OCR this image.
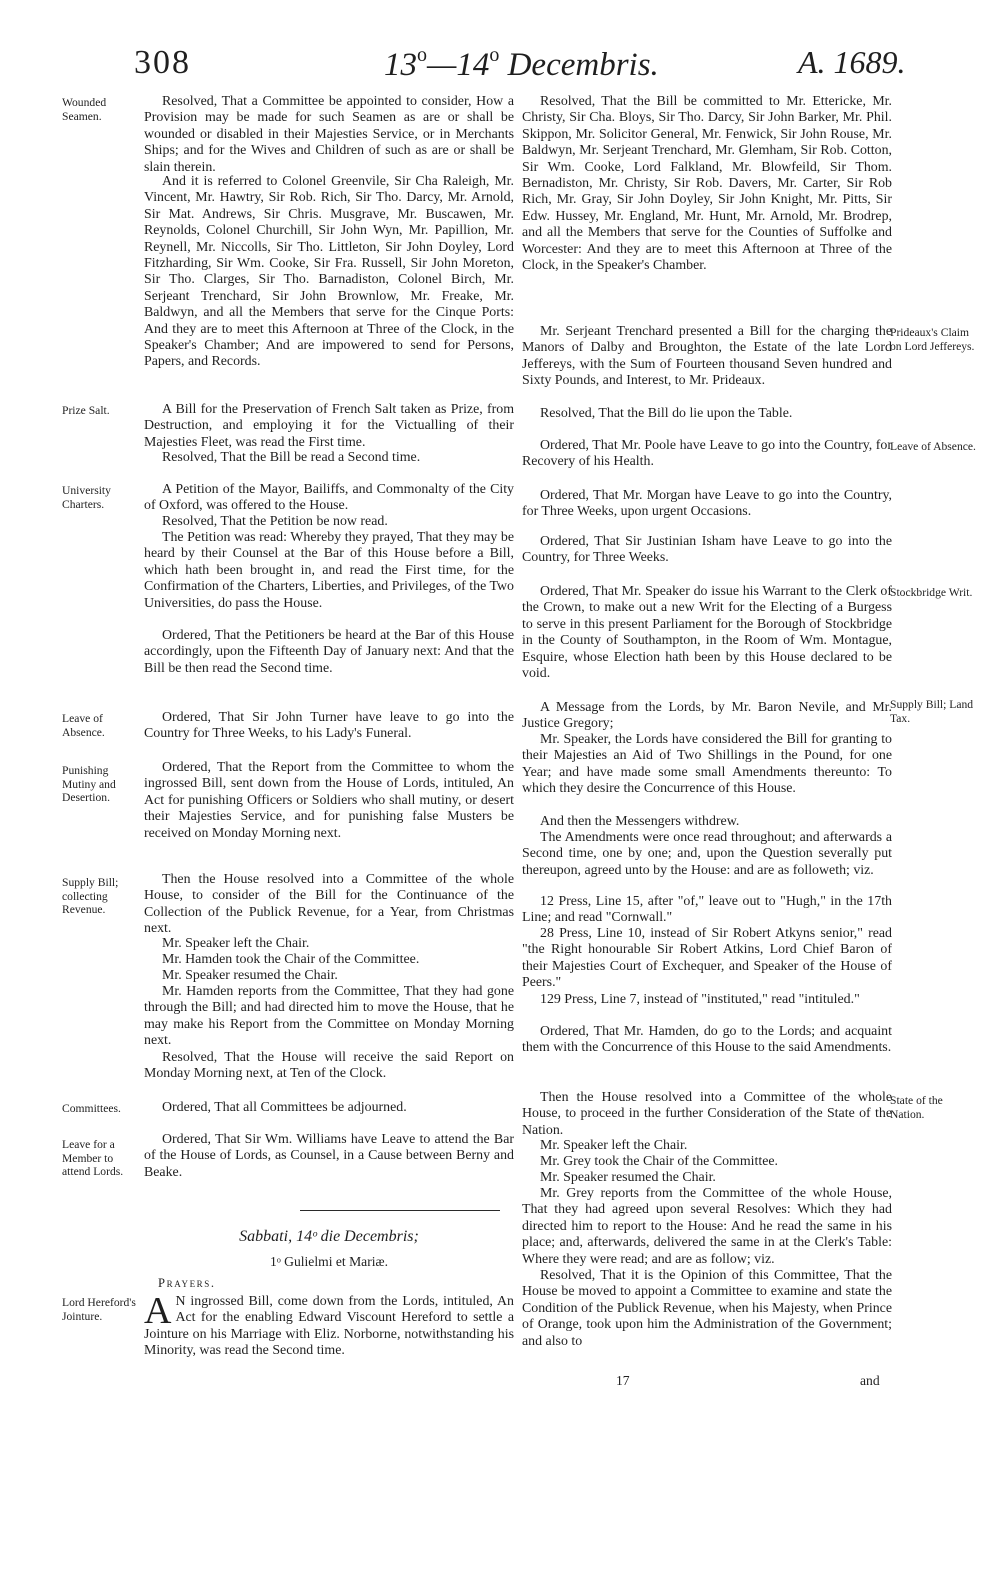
308	13$^o$—14$^o$ Decembris.	A. 1689.
Wounded Seamen.
Prize Salt.
University Charters.
Leave of Absence.
Punishing Mutiny and Desertion.
Supply Bill; collecting Revenue.
Committees.
Leave for a Member to attend Lords.
Lord Hereford's Jointure.
Prideaux's Claim on Lord Jeffereys.
Leave of Absence.
Stockbridge Writ.
Supply Bill; Land Tax.
State of the Nation.

Resolved, That a Committee be appointed to consider, How a Provision may be made for such Seamen as are or shall be wounded or disabled in their Majesties Service, or in Merchants Ships; and for the Wives and Children of such as are or shall be slain therein.

And it is referred to Colonel Greenvile, Sir Cha Raleigh, Mr. Vincent, Mr. Hawtry, Sir Rob. Rich, Sir Tho. Darcy, Mr. Arnold, Sir Mat. Andrews, Sir Chris. Musgrave, Mr. Buscawen, Mr. Reynolds, Colonel Churchill, Sir John Wyn, Mr. Papillion, Mr. Reynell, Mr. Niccolls, Sir Tho. Littleton, Sir John Doyley, Lord Fitzharding, Sir Wm. Cooke, Sir Fra. Russell, Sir John Moreton, Sir Tho. Clarges, Sir Tho. Barnadiston, Colonel Birch, Mr. Serjeant Trenchard, Sir John Brownlow, Mr. Freake, Mr. Baldwyn, and all the Members that serve for the Cinque Ports: And they are to meet this Afternoon at Three of the Clock, in the Speaker's Chamber; And are impowered to send for Persons, Papers, and Records.

A Bill for the Preservation of French Salt taken as Prize, from Destruction, and employing it for the Victualling of their Majesties Fleet, was read the First time.

Resolved, That the Bill be read a Second time.

A Petition of the Mayor, Bailiffs, and Commonalty of the City of Oxford, was offered to the House.

Resolved, That the Petition be now read.

The Petition was read: Whereby they prayed, That they may be heard by their Counsel at the Bar of this House before a Bill, which hath been brought in, and read the First time, for the Confirmation of the Charters, Liberties, and Privileges, of the Two Universities, do pass the House.

Ordered, That the Petitioners be heard at the Bar of this House accordingly, upon the Fifteenth Day of January next: And that the Bill be then read the Second time.

Ordered, That Sir John Turner have leave to go into the Country for Three Weeks, to his Lady's Funeral.

Ordered, That the Report from the Committee to whom the ingrossed Bill, sent down from the House of Lords, intituled, An Act for punishing Officers or Soldiers who shall mutiny, or desert their Majesties Service, and for punishing false Musters be received on Monday Morning next.

Then the House resolved into a Committee of the whole House, to consider of the Bill for the Continuance of the Collection of the Publick Revenue, for a Year, from Christmas next.

Mr. Speaker left the Chair.

Mr. Hamden took the Chair of the Committee.

Mr. Speaker resumed the Chair.

Mr. Hamden reports from the Committee, That they had gone through the Bill; and had directed him to move the House, that he may make his Report from the Committee on Monday Morning next.

Resolved, That the House will receive the said Report on Monday Morning next, at Ten of the Clock.

Ordered, That all Committees be adjourned.

Ordered, That Sir Wm. Williams have Leave to attend the Bar of the House of Lords, as Counsel, in a Cause between Berny and Beake.

Sabbati, 14ᵒ die Decembris;
1ᵒ Gulielmi et Mariæ.
Prayers.

A N ingrossed Bill, come down from the Lords, intituled, An Act for the enabling Edward Viscount Hereford to settle a Jointure on his Marriage with Eliz. Norborne, notwithstanding his Minority, was read the Second time.

Resolved, That the Bill be committed to Mr. Ettericke, Mr. Christy, Sir Cha. Bloys, Sir Tho. Darcy, Sir John Barker, Mr. Phil. Skippon, Mr. Solicitor General, Mr. Fenwick, Sir John Rouse, Mr. Baldwyn, Mr. Serjeant Trenchard, Mr. Glemham, Sir Rob. Cotton, Sir Wm. Cooke, Lord Falkland, Mr. Blowfeild, Sir Thom. Bernadiston, Mr. Christy, Sir Rob. Davers, Mr. Carter, Sir Rob Rich, Mr. Gray, Sir John Doyley, Sir John Knight, Mr. Pitts, Sir Edw. Hussey, Mr. England, Mr. Hunt, Mr. Arnold, Mr. Brodrep, and all the Members that serve for the Counties of Suffolke and Worcester: And they are to meet this Afternoon at Three of the Clock, in the Speaker's Chamber.

Mr. Serjeant Trenchard presented a Bill for the charging the Manors of Dalby and Broughton, the Estate of the late Lord Jeffereys, with the Sum of Fourteen thousand Seven hundred and Sixty Pounds, and Interest, to Mr. Prideaux.

Resolved, That the Bill do lie upon the Table.

Ordered, That Mr. Poole have Leave to go into the Country, for Recovery of his Health.

Ordered, That Mr. Morgan have Leave to go into the Country, for Three Weeks, upon urgent Occasions.

Ordered, That Sir Justinian Isham have Leave to go into the Country, for Three Weeks.

Ordered, That Mr. Speaker do issue his Warrant to the Clerk of the Crown, to make out a new Writ for the Electing of a Burgess to serve in this present Parliament for the Borough of Stockbridge in the County of Southampton, in the Room of Wm. Montague, Esquire, whose Election hath been by this House declared to be void.

A Message from the Lords, by Mr. Baron Nevile, and Mr. Justice Gregory;

Mr. Speaker, the Lords have considered the Bill for granting to their Majesties an Aid of Two Shillings in the Pound, for one Year; and have made some small Amendments thereunto: To which they desire the Concurrence of this House.

And then the Messengers withdrew.

The Amendments were once read throughout; and afterwards a Second time, one by one; and, upon the Question severally put thereupon, agreed unto by the House: and are as followeth; viz.

12 Press, Line 15, after "of," leave out to "Hugh," in the 17th Line; and read "Cornwall."

28 Press, Line 10, instead of Sir Robert Atkyns senior," read "the Right honourable Sir Robert Atkins, Lord Chief Baron of their Majesties Court of Exchequer, and Speaker of the House of Peers."

129 Press, Line 7, instead of "instituted," read "intituled."

Ordered, That Mr. Hamden, do go to the Lords; and acquaint them with the Concurrence of this House to the said Amendments.

Then the House resolved into a Committee of the whole House, to proceed in the further Consideration of the State of the Nation.

Mr. Speaker left the Chair.

Mr. Grey took the Chair of the Committee.

Mr. Speaker resumed the Chair.

Mr. Grey reports from the Committee of the whole House, That they had agreed upon several Resolves: Which they had directed him to report to the House: And he read the same in his place; and, afterwards, delivered the same in at the Clerk's Table: Where they were read; and are as follow; viz.

Resolved, That it is the Opinion of this Committee, That the House be moved to appoint a Committee to examine and state the Condition of the Publick Revenue, when his Majesty, when Prince of Orange, took upon him the Administration of the Government; and also to

17	and
